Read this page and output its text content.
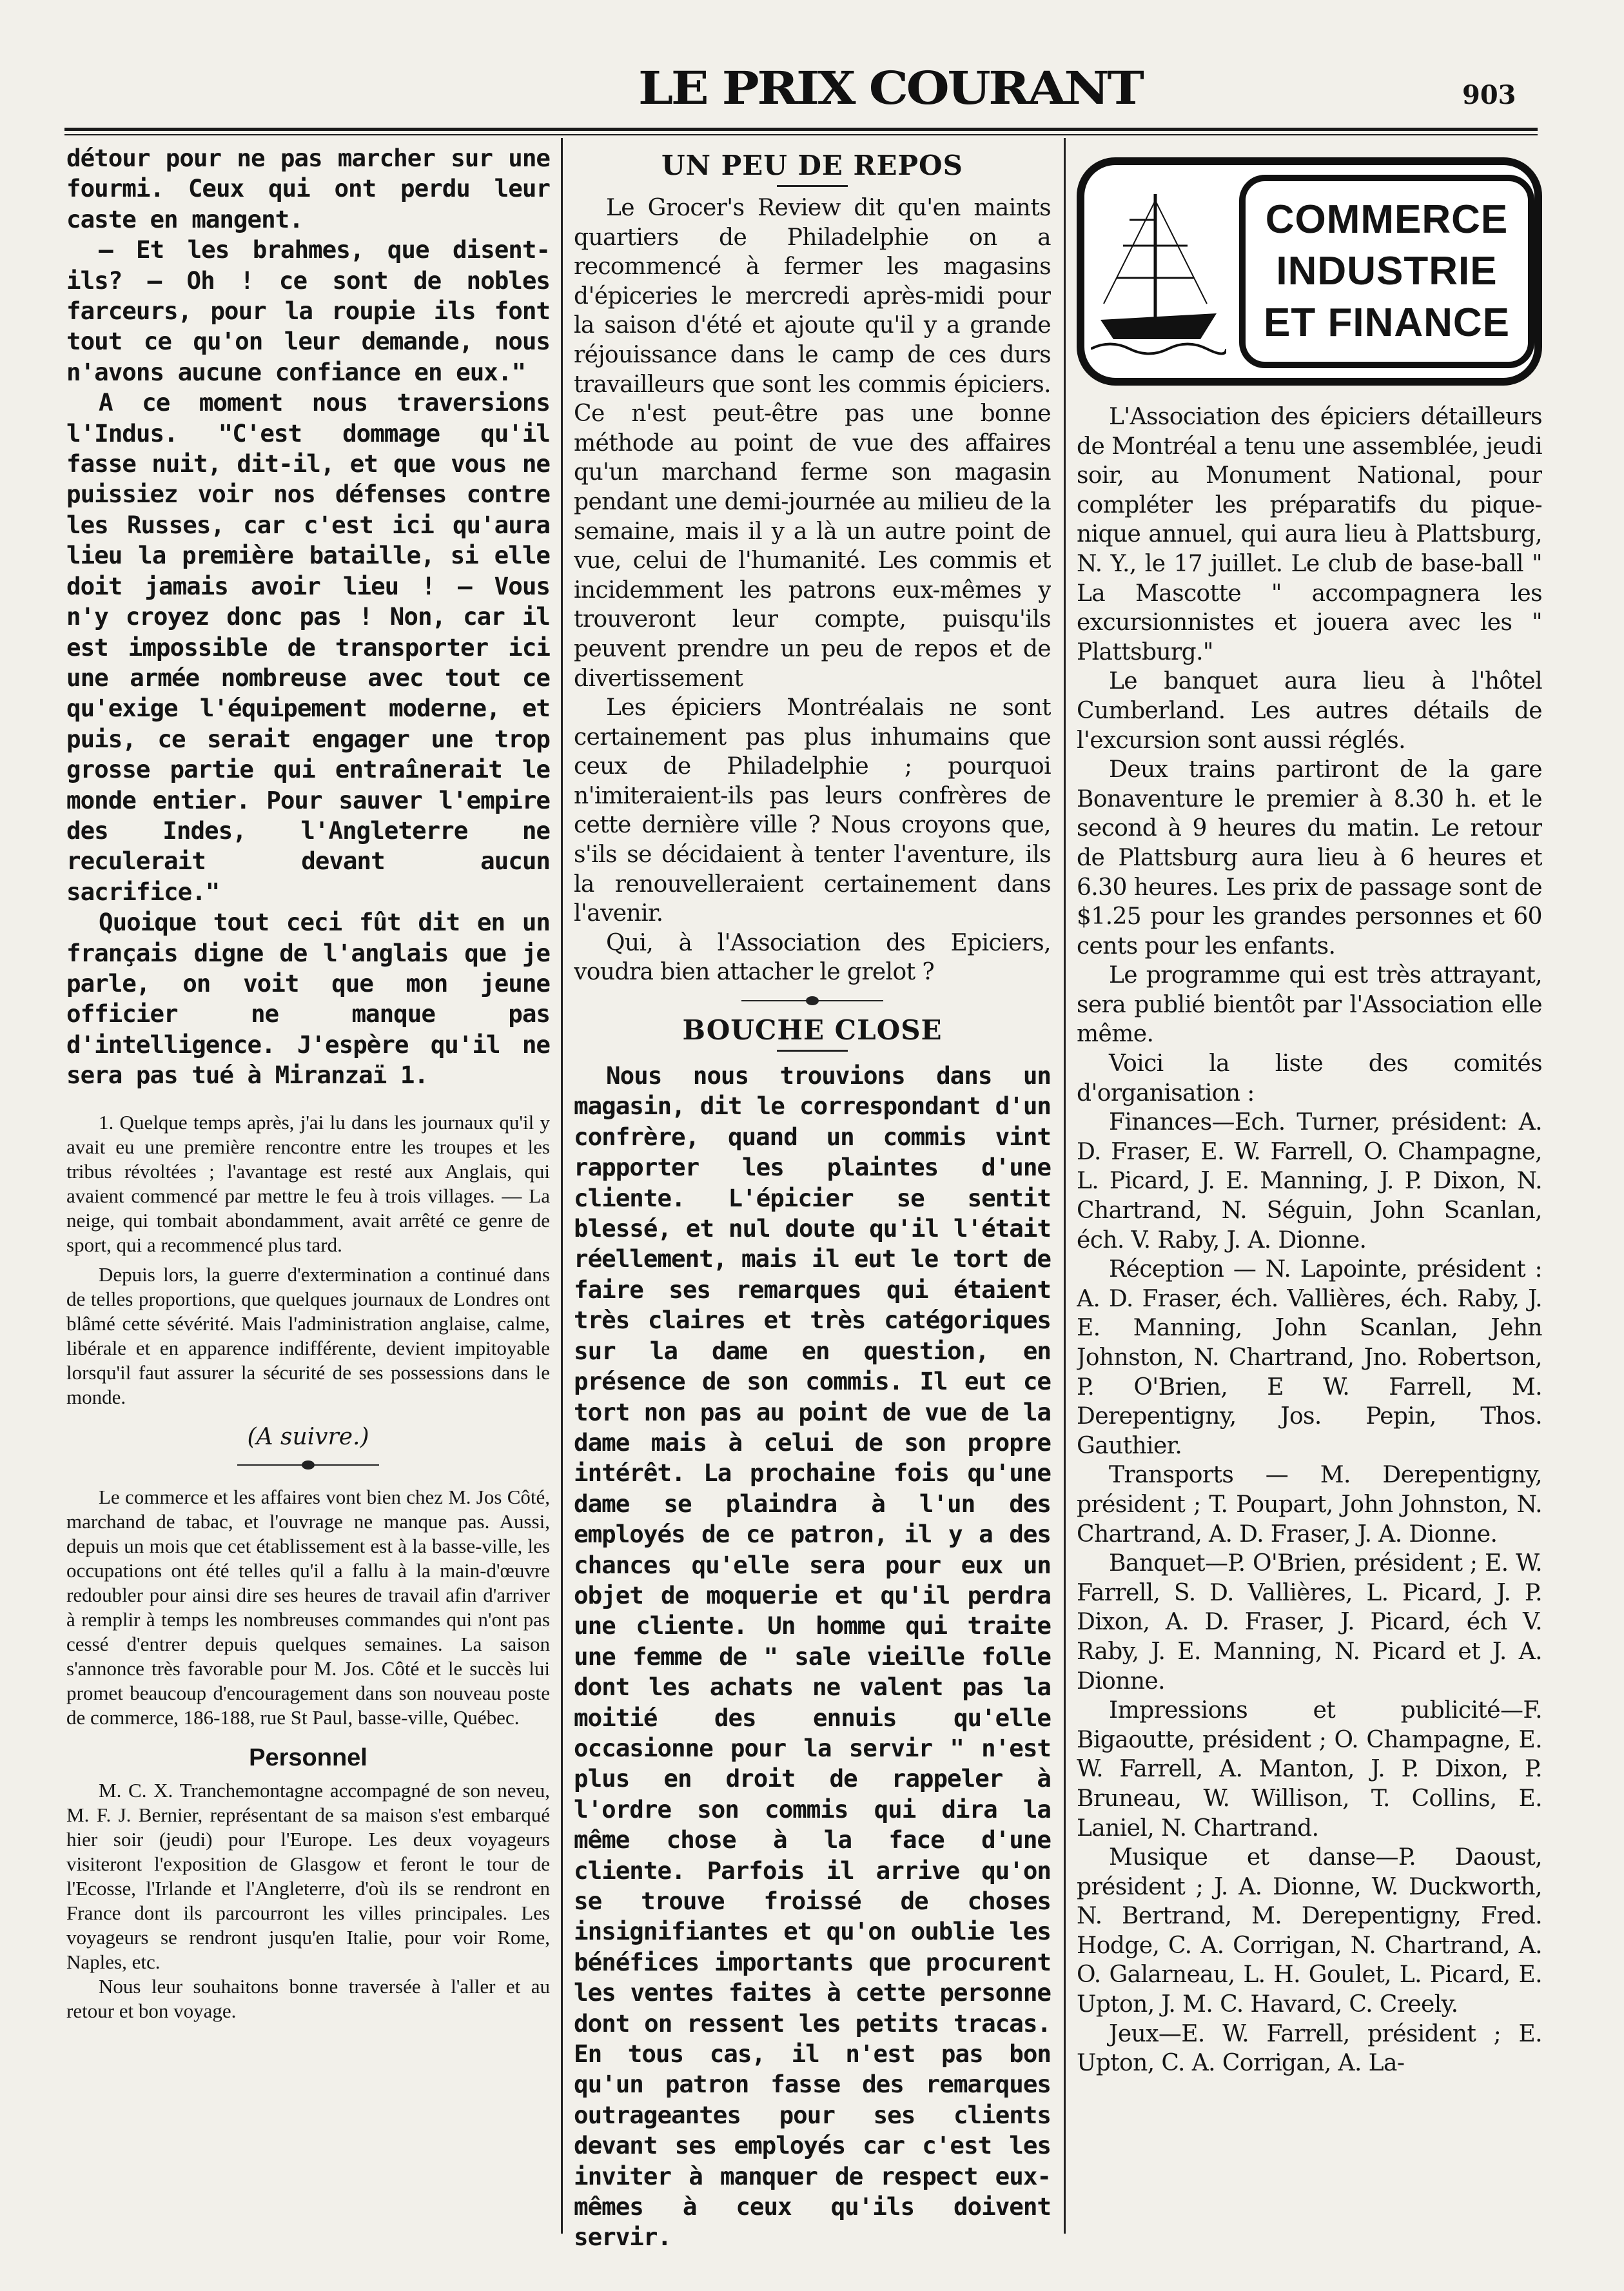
LE PRIX COURANT	903

détour pour ne pas marcher sur une fourmi. Ceux qui ont perdu leur caste en mangent.

— Et les brahmes, que disent-ils? — Oh ! ce sont de nobles farceurs, pour la roupie ils font tout ce qu'on leur demande, nous n'avons aucune confiance en eux."

A ce moment nous traversions l'Indus. "C'est dommage qu'il fasse nuit, dit-il, et que vous ne puissiez voir nos défenses contre les Russes, car c'est ici qu'aura lieu la première bataille, si elle doit jamais avoir lieu ! — Vous n'y croyez donc pas ! Non, car il est impossible de transporter ici une armée nombreuse avec tout ce qu'exige l'équipement moderne, et puis, ce serait engager une trop grosse partie qui entraînerait le monde entier. Pour sauver l'empire des Indes, l'Angleterre ne reculerait devant aucun sacrifice."

Quoique tout ceci fût dit en un français digne de l'anglais que je parle, on voit que mon jeune officier ne manque pas d'intelligence. J'espère qu'il ne sera pas tué à Miranzaï 1.

1. Quelque temps après, j'ai lu dans les journaux qu'il y avait eu une première rencontre entre les troupes et les tribus révoltées ; l'avantage est resté aux Anglais, qui avaient commencé par mettre le feu à trois villages. — La neige, qui tombait abondamment, avait arrêté ce genre de sport, qui a recommencé plus tard.

Depuis lors, la guerre d'extermination a continué dans de telles proportions, que quelques journaux de Londres ont blâmé cette sévérité. Mais l'administration anglaise, calme, libérale et en apparence indifférente, devient impitoyable lorsqu'il faut assurer la sécurité de ses possessions dans le monde.

(A suivre.)

Le commerce et les affaires vont bien chez M. Jos Côté, marchand de tabac, et l'ouvrage ne manque pas. Aussi, depuis un mois que cet établissement est à la basse-ville, les occupations ont été telles qu'il a fallu à la main-d'œuvre redoubler pour ainsi dire ses heures de travail afin d'arriver à remplir à temps les nombreuses commandes qui n'ont pas cessé d'entrer depuis quelques semaines. La saison s'annonce très favorable pour M. Jos. Côté et le succès lui promet beaucoup d'encouragement dans son nouveau poste de commerce, 186-188, rue St Paul, basse-ville, Québec.

Personnel

M. C. X. Tranchemontagne accompagné de son neveu, M. F. J. Bernier, représentant de sa maison s'est embarqué hier soir (jeudi) pour l'Europe. Les deux voyageurs visiteront l'exposition de Glasgow et feront le tour de l'Ecosse, l'Irlande et l'Angleterre, d'où ils se rendront en France dont ils parcourront les villes principales. Les voyageurs se rendront jusqu'en Italie, pour voir Rome, Naples, etc.

Nous leur souhaitons bonne traversée à l'aller et au retour et bon voyage.

UN PEU DE REPOS

Le Grocer's Review dit qu'en maints quartiers de Philadelphie on a recommencé à fermer les magasins d'épiceries le mercredi après-midi pour la saison d'été et ajoute qu'il y a grande réjouissance dans le camp de ces durs travailleurs que sont les commis épiciers. Ce n'est peut-être pas une bonne méthode au point de vue des affaires qu'un marchand ferme son magasin pendant une demi-journée au milieu de la semaine, mais il y a là un autre point de vue, celui de l'humanité. Les commis et incidemment les patrons eux-mêmes y trouveront leur compte, puisqu'ils peuvent prendre un peu de repos et de divertissement

Les épiciers Montréalais ne sont certainement pas plus inhumains que ceux de Philadelphie ; pourquoi n'imiteraient-ils pas leurs confrères de cette dernière ville ? Nous croyons que, s'ils se décidaient à tenter l'aventure, ils la renouvelleraient certainement dans l'avenir.

Qui, à l'Association des Epiciers, voudra bien attacher le grelot ?

BOUCHE CLOSE

Nous nous trouvions dans un magasin, dit le correspondant d'un confrère, quand un commis vint rapporter les plaintes d'une cliente. L'épicier se sentit blessé, et nul doute qu'il l'était réellement, mais il eut le tort de faire ses remarques qui étaient très claires et très catégoriques sur la dame en question, en présence de son commis. Il eut ce tort non pas au point de vue de la dame mais à celui de son propre intérêt. La prochaine fois qu'une dame se plaindra à l'un des employés de ce patron, il y a des chances qu'elle sera pour eux un objet de moquerie et qu'il perdra une cliente. Un homme qui traite une femme de " sale vieille folle dont les achats ne valent pas la moitié des ennuis qu'elle occasionne pour la servir " n'est plus en droit de rappeler à l'ordre son commis qui dira la même chose à la face d'une cliente. Parfois il arrive qu'on se trouve froissé de choses insignifiantes et qu'on oublie les bénéfices importants que procurent les ventes faites à cette personne dont on ressent les petits tracas. En tous cas, il n'est pas bon qu'un patron fasse des remarques outrageantes pour ses clients devant ses employés car c'est les inviter à manquer de respect eux-mêmes à ceux qu'ils doivent servir.

COMMERCE
INDUSTRIE
ET FINANCE

L'Association des épiciers détailleurs de Montréal a tenu une assemblée, jeudi soir, au Monument National, pour compléter les préparatifs du pique-nique annuel, qui aura lieu à Plattsburg, N. Y., le 17 juillet. Le club de base-ball " La Mascotte " accompagnera les excursionnistes et jouera avec les " Plattsburg."

Le banquet aura lieu à l'hôtel Cumberland. Les autres détails de l'excursion sont aussi réglés.

Deux trains partiront de la gare Bonaventure le premier à 8.30 h. et le second à 9 heures du matin. Le retour de Plattsburg aura lieu à 6 heures et 6.30 heures. Les prix de passage sont de $1.25 pour les grandes personnes et 60 cents pour les enfants.

Le programme qui est très attrayant, sera publié bientôt par l'Association elle même.

Voici la liste des comités d'organisation :

Finances—Ech. Turner, président: A. D. Fraser, E. W. Farrell, O. Champagne, L. Picard, J. E. Manning, J. P. Dixon, N. Chartrand, N. Séguin, John Scanlan, éch. V. Raby, J. A. Dionne.

Réception — N. Lapointe, président : A. D. Fraser, éch. Vallières, éch. Raby, J. E. Manning, John Scanlan, Jehn Johnston, N. Chartrand, Jno. Robertson, P. O'Brien, E W. Farrell, M. Derepentigny, Jos. Pepin, Thos. Gauthier.

Transports — M. Derepentigny, président ; T. Poupart, John Johnston, N. Chartrand, A. D. Fraser, J. A. Dionne.

Banquet—P. O'Brien, président ; E. W. Farrell, S. D. Vallières, L. Picard, J. P. Dixon, A. D. Fraser, J. Picard, éch V. Raby, J. E. Manning, N. Picard et J. A. Dionne.

Impressions et publicité—F. Bigaoutte, président ; O. Champagne, E. W. Farrell, A. Manton, J. P. Dixon, P. Bruneau, W. Willison, T. Collins, E. Laniel, N. Chartrand.

Musique et danse—P. Daoust, président ; J. A. Dionne, W. Duckworth, N. Bertrand, M. Derepentigny, Fred. Hodge, C. A. Corrigan, N. Chartrand, A. O. Galarneau, L. H. Goulet, L. Picard, E. Upton, J. M. C. Havard, C. Creely.

Jeux—E. W. Farrell, président ; E. Upton, C. A. Corrigan, A. La-
